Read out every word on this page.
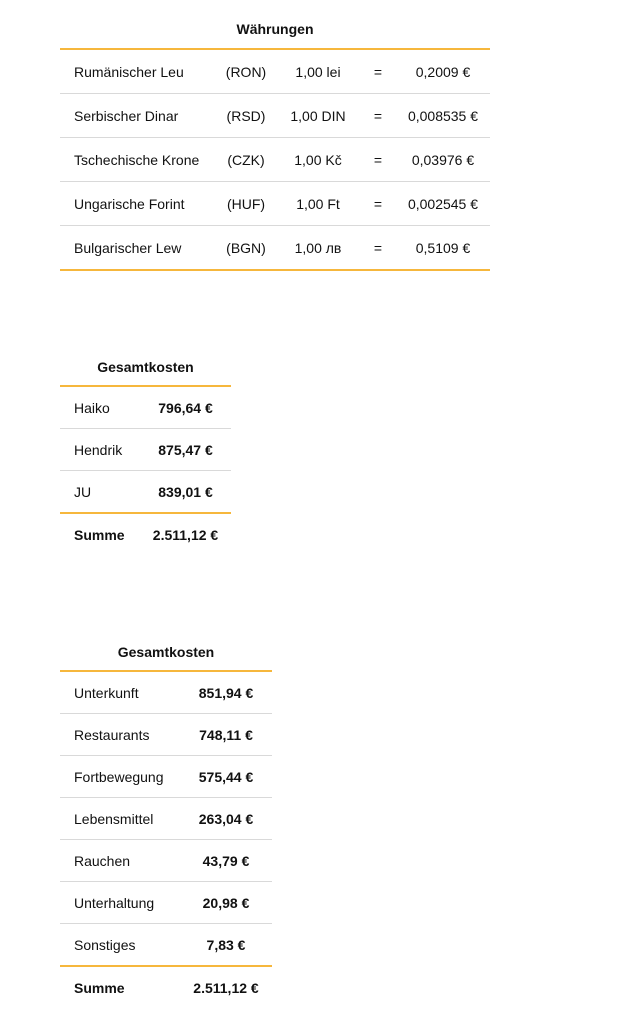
Währungen
Rumänischer Leu	(RON)	1,00 lei	=	0,2009 €
Serbischer Dinar	(RSD)	1,00 DIN	=	0,008535 €
Tschechische Krone	(CZK)	1,00 Kč	=	0,03976 €
Ungarische Forint	(HUF)	1,00 Ft	=	0,002545 €
Bulgarischer Lew	(BGN)	1,00 лв	=	0,5109 €
Gesamtkosten
Haiko	796,64 €
Hendrik	875,47 €
JU	839,01 €
Summe	2.511,12 €
Gesamtkosten
Unterkunft	851,94 €
Restaurants	748,11 €
Fortbewegung	575,44 €
Lebensmittel	263,04 €
Rauchen	43,79 €
Unterhaltung	20,98 €
Sonstiges	7,83 €
Summe	2.511,12 €
